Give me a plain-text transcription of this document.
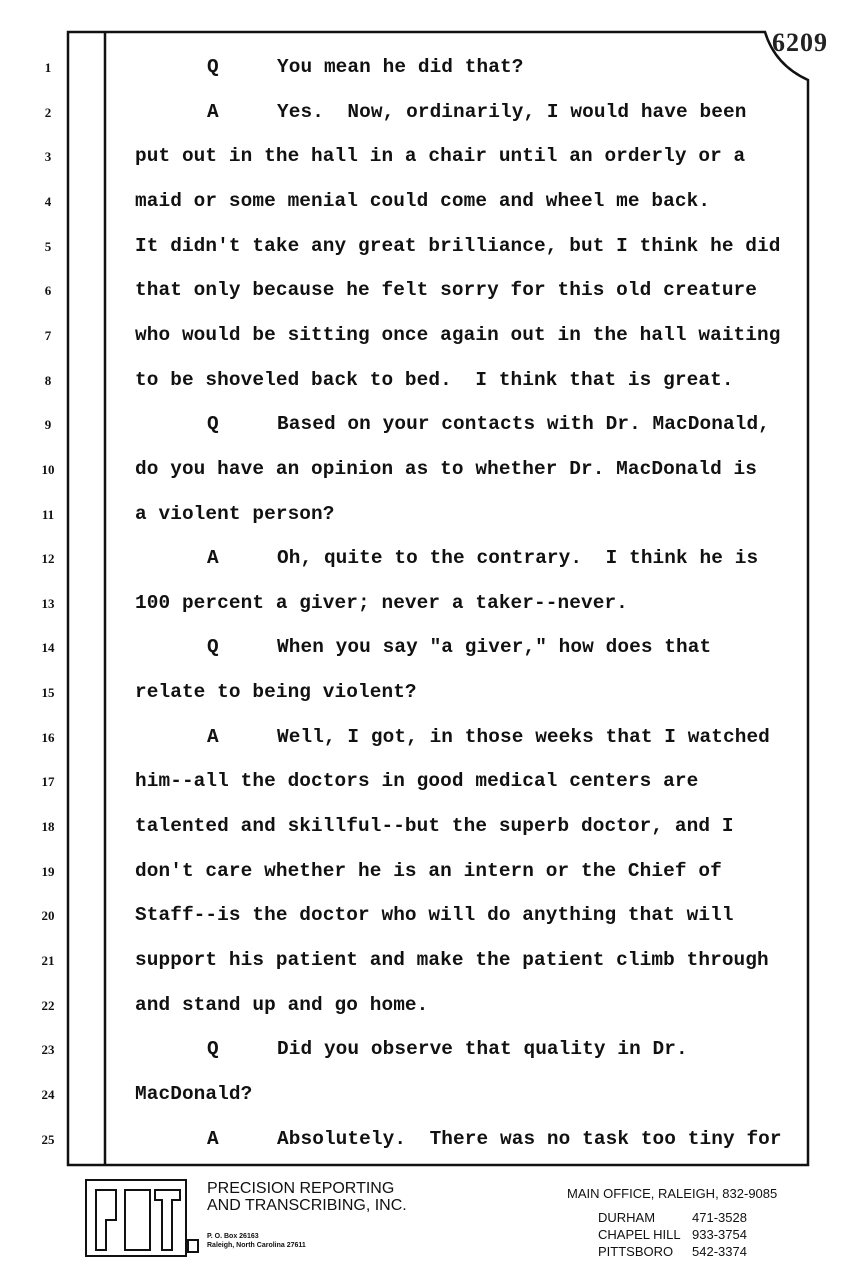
6209
PRECISION REPORTING
AND TRANSCRIBING, INC.
P. O. Box 26163
Raleigh, North Carolina 27611
MAIN OFFICE, RALEIGH, 832-9085
1	Q	You mean he did that?
2	A	Yes.  Now, ordinarily, I would have been
3	put out in the hall in a chair until an orderly or a
4	maid or some menial could come and wheel me back.
5	It didn't take any great brilliance, but I think he did
6	that only because he felt sorry for this old creature
7	who would be sitting once again out in the hall waiting
8	to be shoveled back to bed.  I think that is great.
9	Q	Based on your contacts with Dr. MacDonald,
10	do you have an opinion as to whether Dr. MacDonald is
11	a violent person?
12	A	Oh, quite to the contrary.  I think he is
13	100 percent a giver; never a taker--never.
14	Q	When you say "a giver," how does that
15	relate to being violent?
16	A	Well, I got, in those weeks that I watched
17	him--all the doctors in good medical centers are
18	talented and skillful--but the superb doctor, and I
19	don't care whether he is an intern or the Chief of
20	Staff--is the doctor who will do anything that will
21	support his patient and make the patient climb through
22	and stand up and go home.
23	Q	Did you observe that quality in Dr.
24	MacDonald?
25	A	Absolutely.  There was no task too tiny for
DURHAM	471-3528
CHAPEL HILL 933-3754
PITTSBORO 542-3374
